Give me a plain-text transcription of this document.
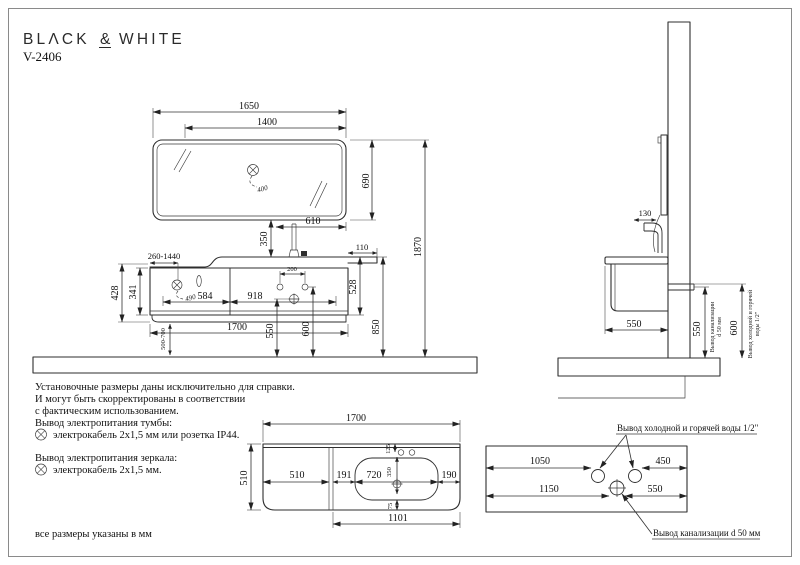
BLΛCK & WHITE
V-2406
400
1650
1400
690
1870
350
610
110
490
200
260-1440
428 341	584	918
528
850
1700 550	600
500-700
130
550	550 Вывод канализации d 50 мм 600 Вывод холодной и горячей воды 1/2"
Установочные размеры даны исключительно для справки.
И могут быть скорректированы в соответствии
с фактическим использованием.
Вывод электропитания тумбы:
электрокабель 2x1,5 мм или розетка IP44.
Вывод электропитания зеркала:
электрокабель 2x1,5 мм.
1700
510	510	191 720	190
125
350
75
1101
1050	450
1150	550
Вывод холодной и горячей воды 1/2"
Вывод канализации d 50 мм
все размеры указаны в мм
